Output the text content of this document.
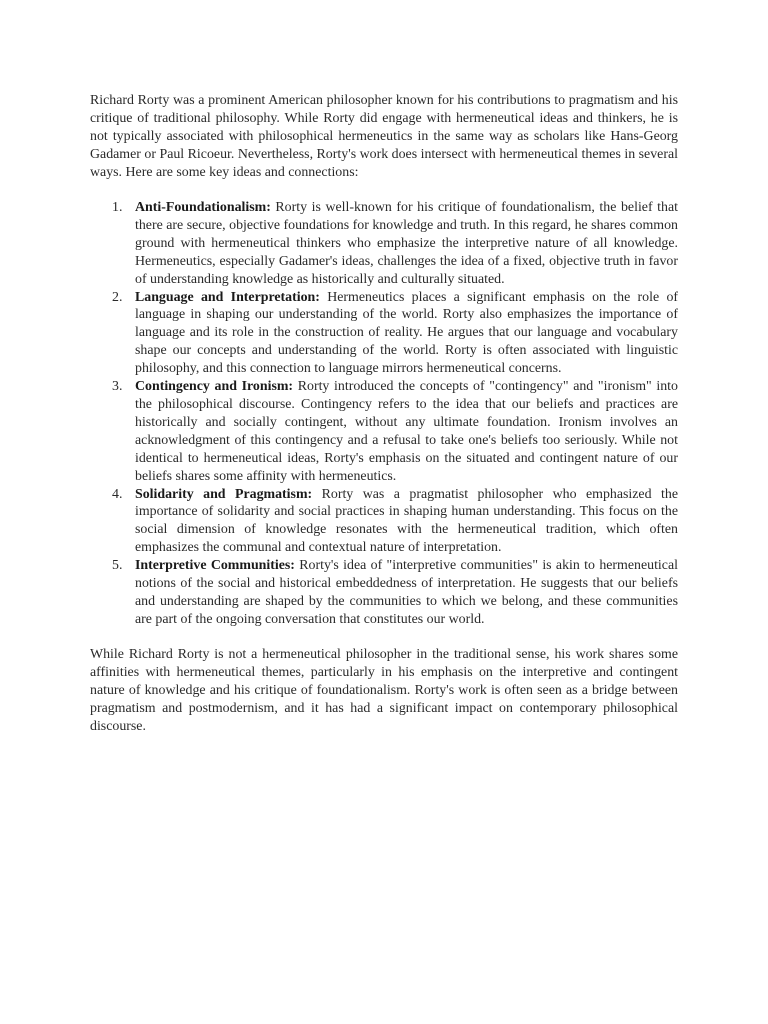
Richard Rorty was a prominent American philosopher known for his contributions to pragmatism and his critique of traditional philosophy. While Rorty did engage with hermeneutical ideas and thinkers, he is not typically associated with philosophical hermeneutics in the same way as scholars like Hans-Georg Gadamer or Paul Ricoeur. Nevertheless, Rorty's work does intersect with hermeneutical themes in several ways. Here are some key ideas and connections:

1. Anti-Foundationalism: Rorty is well-known for his critique of foundationalism, the belief that there are secure, objective foundations for knowledge and truth. In this regard, he shares common ground with hermeneutical thinkers who emphasize the interpretive nature of all knowledge. Hermeneutics, especially Gadamer's ideas, challenges the idea of a fixed, objective truth in favor of understanding knowledge as historically and culturally situated.
2. Language and Interpretation: Hermeneutics places a significant emphasis on the role of language in shaping our understanding of the world. Rorty also emphasizes the importance of language and its role in the construction of reality. He argues that our language and vocabulary shape our concepts and understanding of the world. Rorty is often associated with linguistic philosophy, and this connection to language mirrors hermeneutical concerns.
3. Contingency and Ironism: Rorty introduced the concepts of "contingency" and "ironism" into the philosophical discourse. Contingency refers to the idea that our beliefs and practices are historically and socially contingent, without any ultimate foundation. Ironism involves an acknowledgment of this contingency and a refusal to take one's beliefs too seriously. While not identical to hermeneutical ideas, Rorty's emphasis on the situated and contingent nature of our beliefs shares some affinity with hermeneutics.
4. Solidarity and Pragmatism: Rorty was a pragmatist philosopher who emphasized the importance of solidarity and social practices in shaping human understanding. This focus on the social dimension of knowledge resonates with the hermeneutical tradition, which often emphasizes the communal and contextual nature of interpretation.
5. Interpretive Communities: Rorty's idea of "interpretive communities" is akin to hermeneutical notions of the social and historical embeddedness of interpretation. He suggests that our beliefs and understanding are shaped by the communities to which we belong, and these communities are part of the ongoing conversation that constitutes our world.

While Richard Rorty is not a hermeneutical philosopher in the traditional sense, his work shares some affinities with hermeneutical themes, particularly in his emphasis on the interpretive and contingent nature of knowledge and his critique of foundationalism. Rorty's work is often seen as a bridge between pragmatism and postmodernism, and it has had a significant impact on contemporary philosophical discourse.
